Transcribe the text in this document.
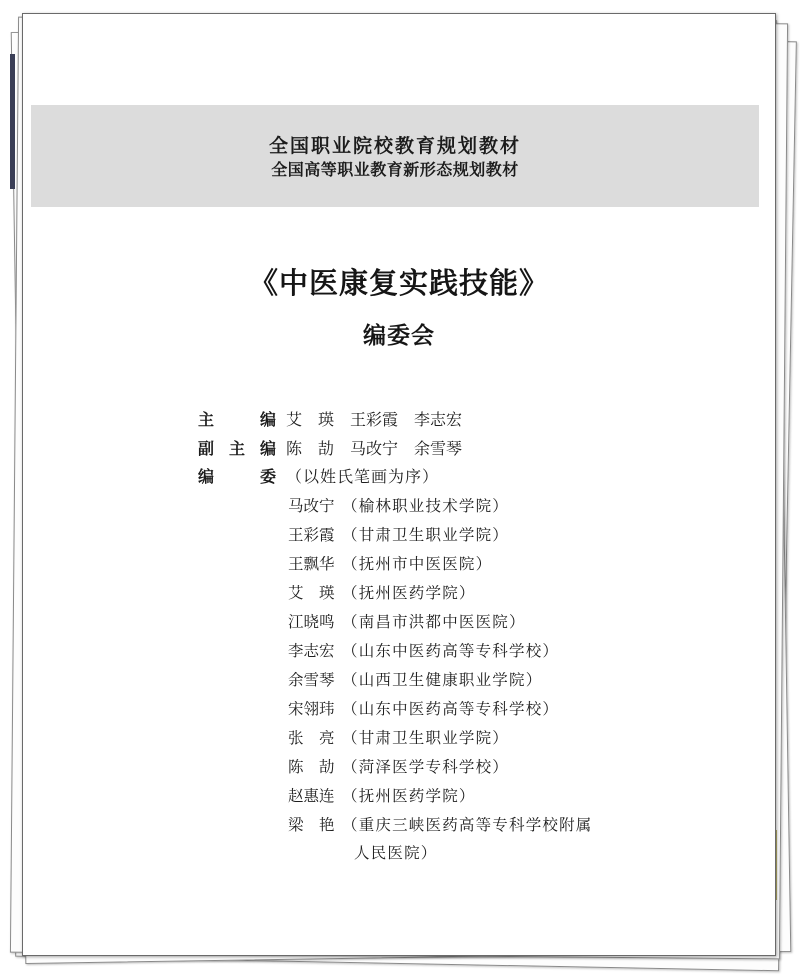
全国职业院校教育规划教材
全国高等职业教育新形态规划教材
《中医康复实践技能》
编委会
主编 艾　瑛　王彩霞　李志宏
副主编 陈　劼　马改宁　余雪琴
编委 （以姓氏笔画为序）
马改宁 （榆林职业技术学院）
王彩霞 （甘肃卫生职业学院）
王飘华 （抚州市中医医院）
艾　瑛 （抚州医药学院）
江晓鸣 （南昌市洪都中医医院）
李志宏 （山东中医药高等专科学校）
余雪琴 （山西卫生健康职业学院）
宋翎玮 （山东中医药高等专科学校）
张　亮 （甘肃卫生职业学院）
陈　劼 （菏泽医学专科学校）
赵惠连 （抚州医药学院）
梁　艳 （重庆三峡医药高等专科学校附属
人民医院）
